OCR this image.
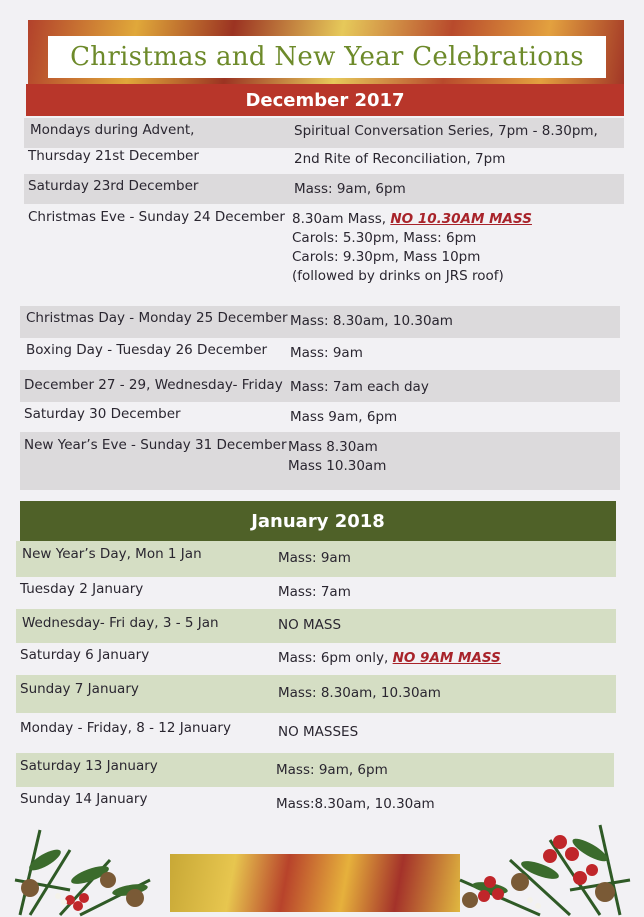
Christmas and New Year Celebrations
December 2017
Mondays during Advent,	Spiritual Conversation Series, 7pm - 8.30pm,
Thursday 21st December	2nd Rite of Reconciliation, 7pm
Saturday 23rd December	Mass: 9am, 6pm
Christmas Eve - Sunday 24 December 8.30am Mass, NO 10.30AM MASS
Carols: 5.30pm, Mass: 6pm
Carols: 9.30pm, Mass 10pm
(followed by drinks on JRS roof)
Christmas Day - Monday 25 December Mass: 8.30am, 10.30am
Boxing Day - Tuesday 26 December Mass: 9am
December 27 - 29, Wednesday- Friday Mass: 7am each day
Saturday 30 December	Mass 9am, 6pm
New Year’s Eve - Sunday 31 December Mass 8.30am
Mass 10.30am
January 2018
New Year’s Day, Mon 1 Jan	Mass: 9am
Tuesday 2 January	Mass: 7am
Wednesday- Fri day, 3 - 5 Jan	NO MASS
Saturday 6 January	Mass: 6pm only, NO 9AM MASS
Sunday 7 January	Mass: 8.30am, 10.30am
Monday - Friday, 8 - 12 January	NO MASSES
Saturday 13 January	Mass: 9am, 6pm
Sunday 14 January	Mass:8.30am, 10.30am
